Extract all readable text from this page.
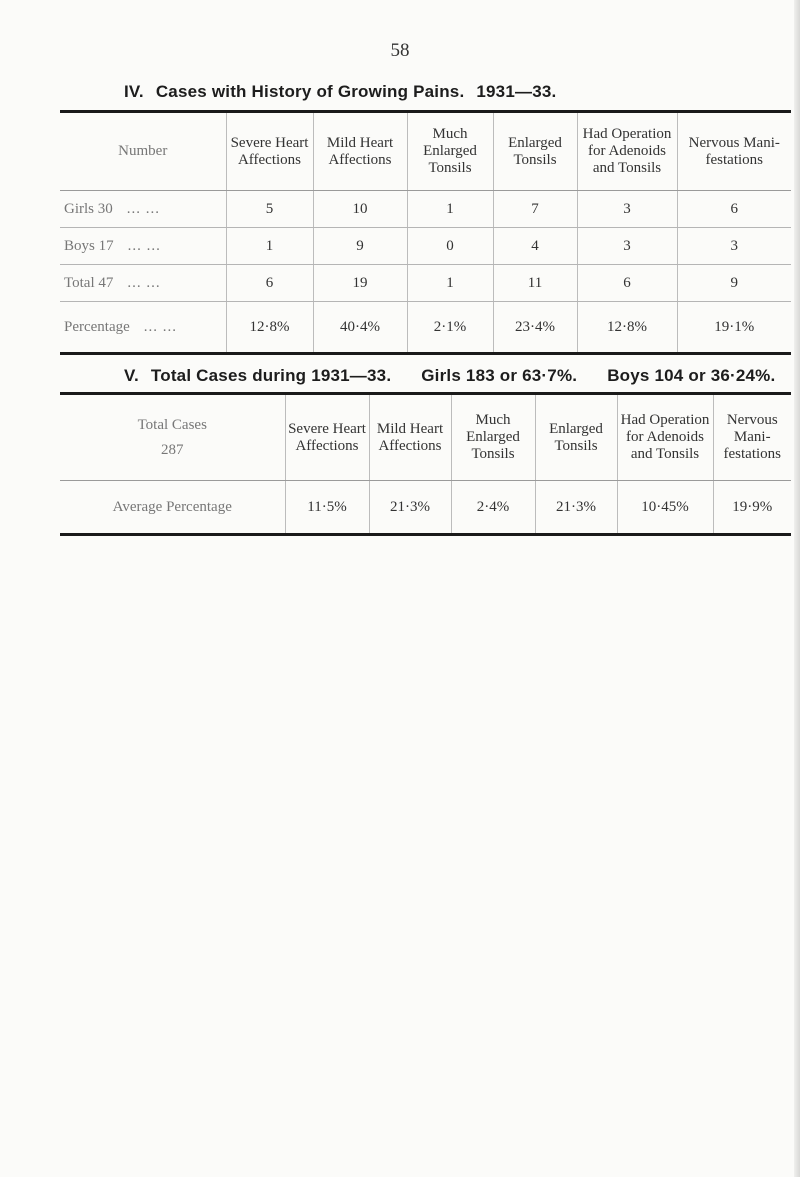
58
IV. Cases with History of Growing Pains. 1931—33.
Number	Severe Heart Affections	Mild Heart Affections	Much Enlarged Tonsils	Enlarged Tonsils	Had Operation for Adenoids and Tonsils	Nervous Mani- festations
Girls 30 ... ...	5	10	1	7	3	6
Boys 17 ... ...	1	9	0	4	3	3
Total 47 ... ...	6	19	1	11	6	9
Percentage ... ...	12·8%	40·4%	2·1%	23·4%	12·8%	19·1%
V. Total Cases during 1931—33. Girls 183 or 63·7%. Boys 104 or 36·24%.
Total Cases
287	Severe Heart Affections	Mild Heart Affections	Much Enlarged Tonsils	Enlarged Tonsils	Had Operation for Adenoids and Tonsils	Nervous Mani- festations
Average Percentage	11·5%	21·3%	2·4%	21·3%	10·45%	19·9%
